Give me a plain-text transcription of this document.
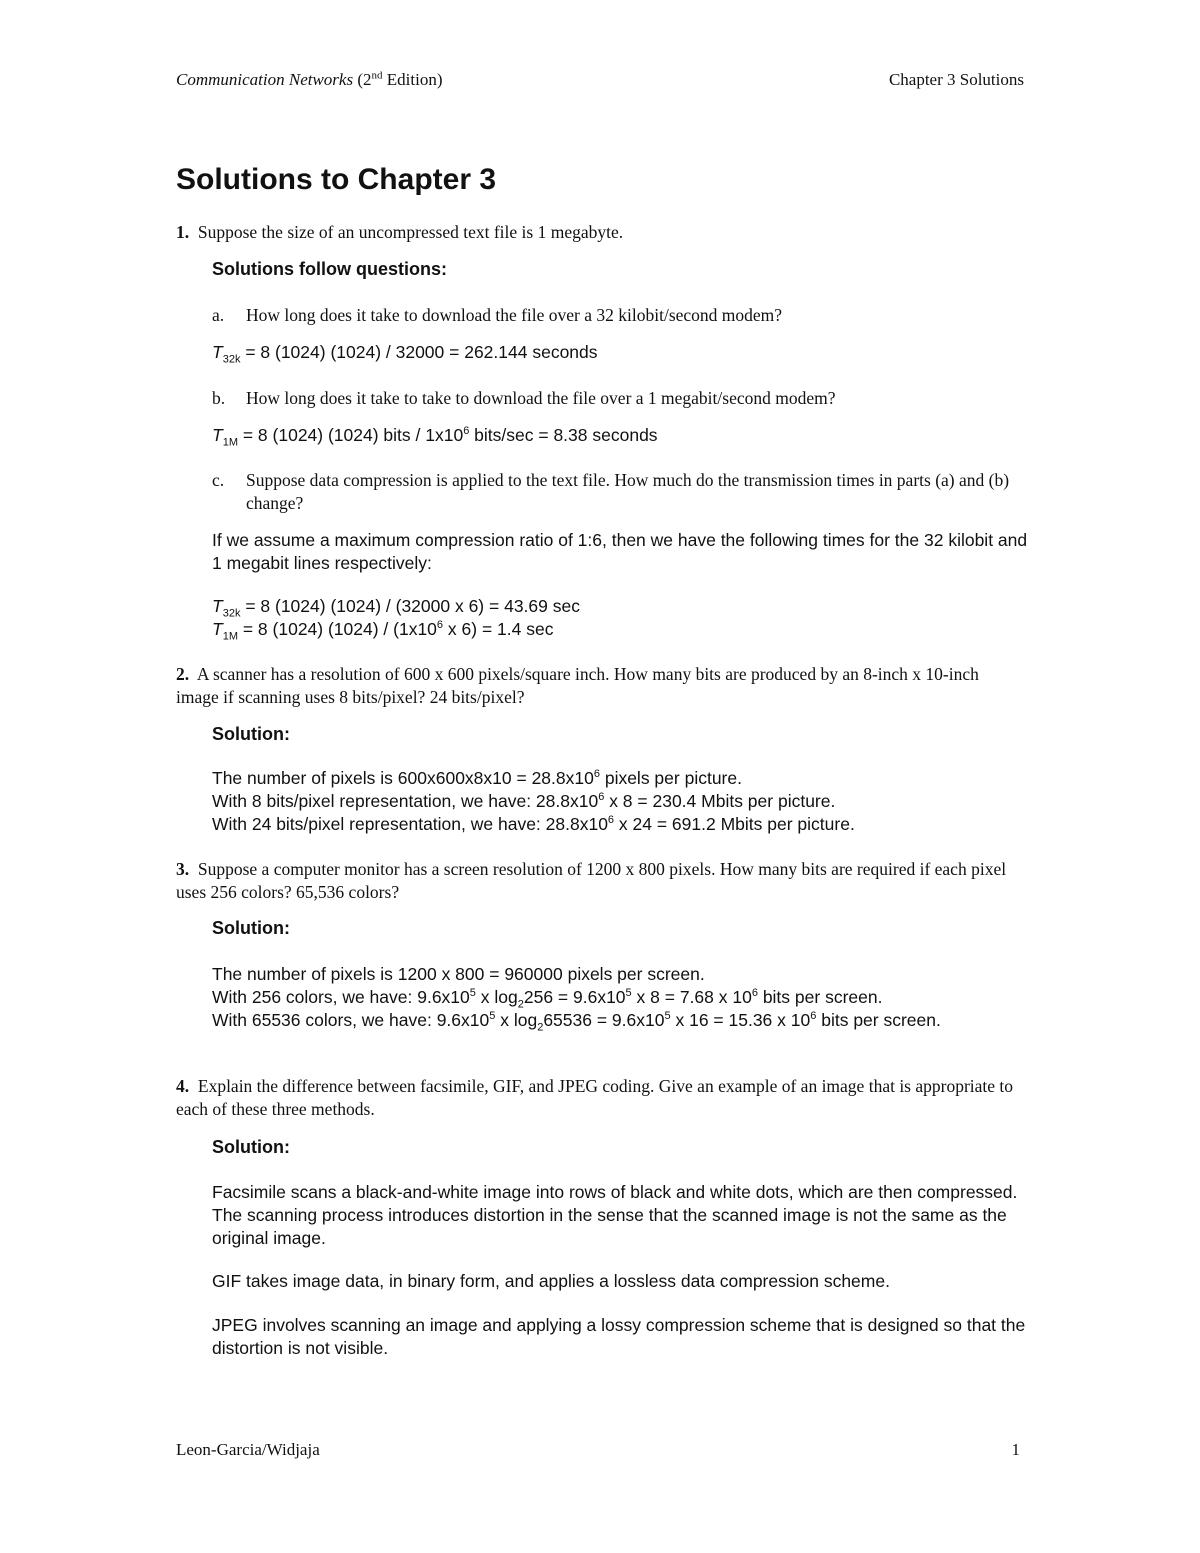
Communication Networks (2nd Edition)	Chapter 3 Solutions
Solutions to Chapter 3
1. Suppose the size of an uncompressed text file is 1 megabyte.
Solutions follow questions:
a. How long does it take to download the file over a 32 kilobit/second modem?
$T_{32k} = 8$ (1024) (1024) / 32000 = 262.144 seconds
b. How long does it take to take to download the file over a 1 megabit/second modem?
$T_{1M} = 8$ (1024) (1024) bits / $1x10^6$ bits/sec = 8.38 seconds
c. Suppose data compression is applied to the text file. How much do the transmission times in parts (a) and (b) change?
If we assume a maximum compression ratio of 1:6, then we have the following times for the 32 kilobit and 1 megabit lines respectively:
$T_{32k} = 8$ (1024) (1024) / (32000 x 6) = 43.69 sec
$T_{1M} = 8$ (1024) $(1024) / (1x10^6$ x 6) = 1.4 sec
2. A scanner has a resolution of 600 x 600 pixels/square inch. How many bits are produced by an 8-inch x 10-inch image if scanning uses 8 bits/pixel? 24 bits/pixel?
Solution:
The number of pixels is $600x600x8x10 = 28.8x10^6$ pixels per picture.
With 8 bits/pixel representation, we have: $28.8x10^6$ x 8 = 230.4 Mbits per picture.
With 24 bits/pixel representation, we have: $28.8x10^6$ x 24 = 691.2 Mbits per picture.
3. Suppose a computer monitor has a screen resolution of 1200 x 800 pixels. How many bits are required if each pixel uses 256 colors? 65,536 colors?
Solution:
The number of pixels is 1200 x 800 = 960000 pixels per screen.
With 256 colors, we have: $9.6x10^5$ x $\log_2256 = 9.6x10^5$ x 8 = 7.68 x $10^6$ bits per screen.
With 65536 colors, we have: $9.6x10^5$ x $\log_265536 = 9.6x10^5$ x 16 = 15.36 x $10^6$ bits per screen.
4. Explain the difference between facsimile, GIF, and JPEG coding. Give an example of an image that is appropriate to each of these three methods.
Solution:
Facsimile scans a black-and-white image into rows of black and white dots, which are then compressed. The scanning process introduces distortion in the sense that the scanned image is not the same as the original image.
GIF takes image data, in binary form, and applies a lossless data compression scheme.
JPEG involves scanning an image and applying a lossy compression scheme that is designed so that the distortion is not visible.
Leon-Garcia/Widjaja	1
